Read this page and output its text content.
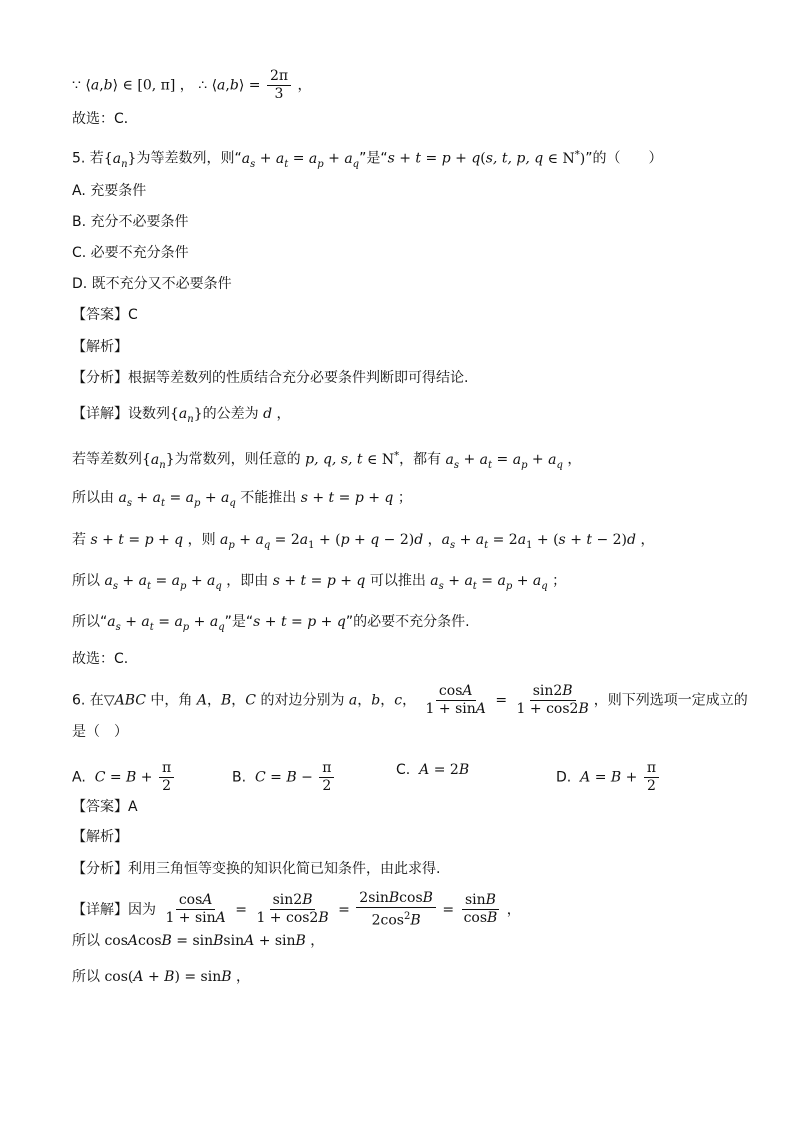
∵ ⟨a,b⟩ ∈ [0, π] ， ∴ ⟨a,b⟩ = $\frac{2\pi}{3}$ ，
故选：C．
5. 若$\{a_n\}$为等差数列，则“$a_s + a_t = a_p + a_q$”是“s + t = p + q(s, t, p, q ∈ N*)”的（　　）
A. 充要条件
B. 充分不必要条件
C. 必要不充分条件
D. 既不充分又不必要条件
【答案】C
【解析】
【分析】根据等差数列的性质结合充分必要条件判断即可得结论.
【详解】设数列$\{a_n\}$的公差为 d ，
若等差数列$\{a_n\}$为常数列，则任意的 p, q, s, t ∈ N*，都有 $a_s + a_t = a_p + a_q$ ，
所以由 $a_s + a_t = a_p + a_q$ 不能推出 s + t = p + q ；
若 s + t = p + q ，则 $a_p + a_q = 2a_1 + (p + q - 2)d$ ，$a_s + a_t = 2a_1 + (s + t - 2)d$ ，
所以 $a_s + a_t = a_p + a_q$ ，即由 s + t = p + q 可以推出 $a_s + a_t = a_p + a_q$ ；
所以“$a_s + a_t = a_p + a_q$”是“s + t = p + q”的必要不充分条件.
故选：C.
6. 在▽ABC 中，角 A，B，C 的对边分别为 a，b，c， $\frac{\cos A}{1 + \sin A} = \frac{\sin 2B}{1 + \cos 2B}$ ，则下列选项一定成立的
是（　）
A.  $C = B + \frac{\pi}{2}$	B.  $C = B - \frac{\pi}{2}$	C.  A = 2B	D.  $A = B + \frac{\pi}{2}$
【答案】A
【解析】
【分析】利用三角恒等变换的知识化简已知条件，由此求得.
【详解】因为 $\frac{\cos A}{1 + \sin A} = \frac{\sin 2B}{1 + \cos 2B} = \frac{\text{2sinBcosB}}{2\cos^2B} = \frac{\sin B}{\cos B}$ ，
所以 cosAcosB = sinBsinA + sinB ，
所以 cos(A + B) = sinB ，
